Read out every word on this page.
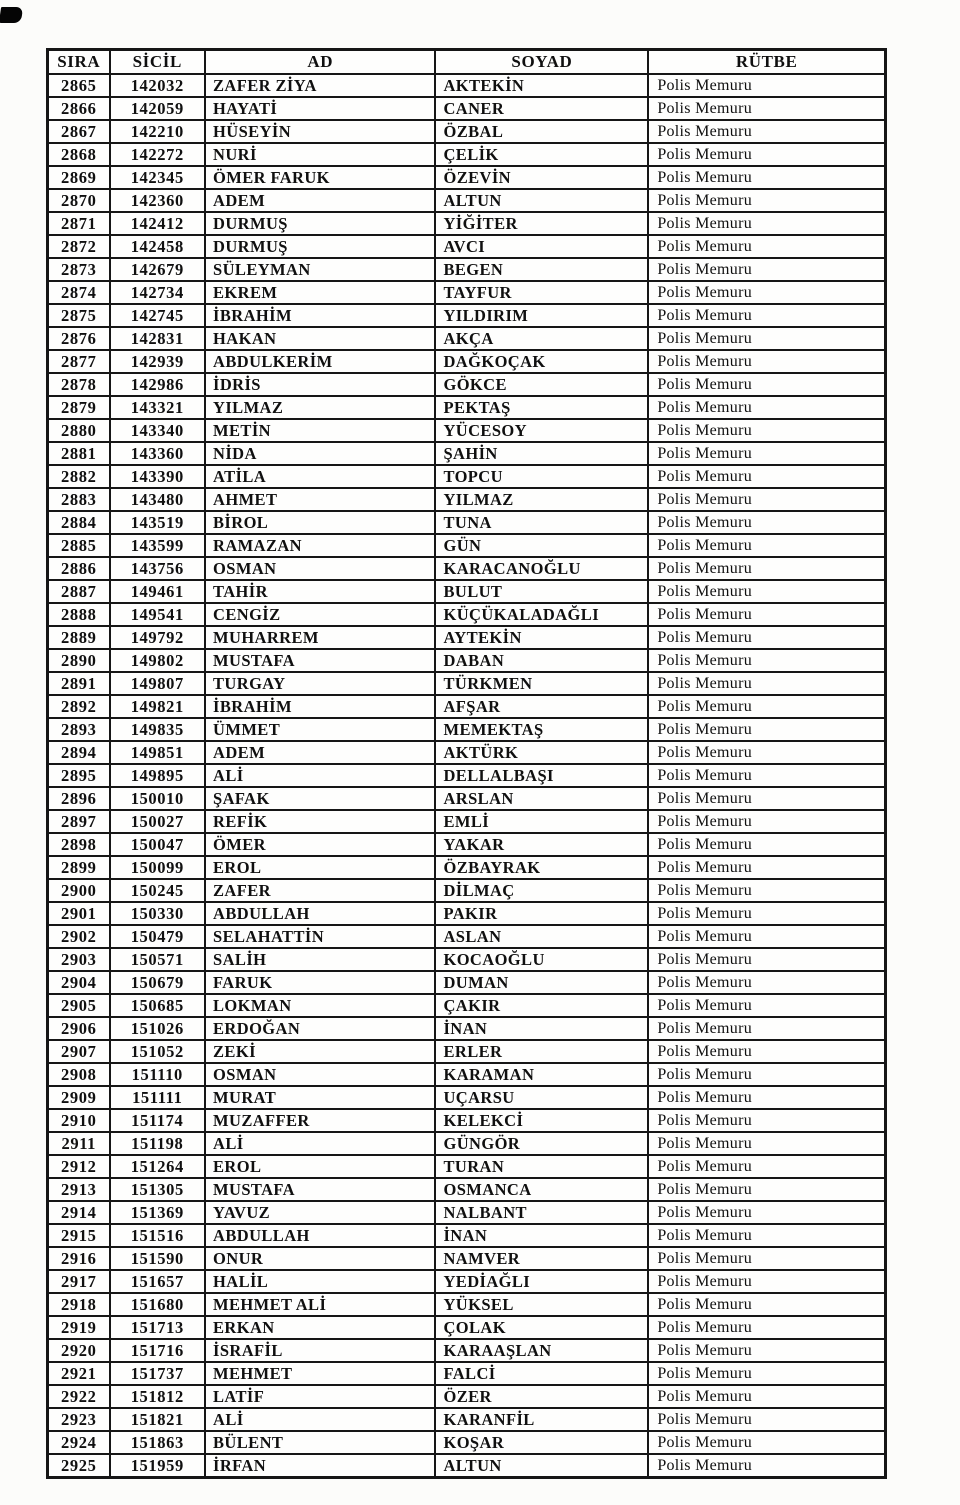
SIRA	SİCİL	AD	SOYAD	RÜTBE
2865	142032	ZAFER ZİYA	AKTEKİN	Polis Memuru
2866	142059	HAYATİ	CANER	Polis Memuru
2867	142210	HÜSEYİN	ÖZBAL	Polis Memuru
2868	142272	NURİ	ÇELİK	Polis Memuru
2869	142345	ÖMER FARUK	ÖZEVİN	Polis Memuru
2870	142360	ADEM	ALTUN	Polis Memuru
2871	142412	DURMUŞ	YİĞİTER	Polis Memuru
2872	142458	DURMUŞ	AVCI	Polis Memuru
2873	142679	SÜLEYMAN	BEGEN	Polis Memuru
2874	142734	EKREM	TAYFUR	Polis Memuru
2875	142745	İBRAHİM	YILDIRIM	Polis Memuru
2876	142831	HAKAN	AKÇA	Polis Memuru
2877	142939	ABDULKERİM	DAĞKOÇAK	Polis Memuru
2878	142986	İDRİS	GÖKCE	Polis Memuru
2879	143321	YILMAZ	PEKTAŞ	Polis Memuru
2880	143340	METİN	YÜCESOY	Polis Memuru
2881	143360	NİDA	ŞAHİN	Polis Memuru
2882	143390	ATİLA	TOPCU	Polis Memuru
2883	143480	AHMET	YILMAZ	Polis Memuru
2884	143519	BİROL	TUNA	Polis Memuru
2885	143599	RAMAZAN	GÜN	Polis Memuru
2886	143756	OSMAN	KARACANOĞLU	Polis Memuru
2887	149461	TAHİR	BULUT	Polis Memuru
2888	149541	CENGİZ	KÜÇÜKALADAĞLI	Polis Memuru
2889	149792	MUHARREM	AYTEKİN	Polis Memuru
2890	149802	MUSTAFA	DABAN	Polis Memuru
2891	149807	TURGAY	TÜRKMEN	Polis Memuru
2892	149821	İBRAHİM	AFŞAR	Polis Memuru
2893	149835	ÜMMET	MEMEKTAŞ	Polis Memuru
2894	149851	ADEM	AKTÜRK	Polis Memuru
2895	149895	ALİ	DELLALBAŞI	Polis Memuru
2896	150010	ŞAFAK	ARSLAN	Polis Memuru
2897	150027	REFİK	EMLİ	Polis Memuru
2898	150047	ÖMER	YAKAR	Polis Memuru
2899	150099	EROL	ÖZBAYRAK	Polis Memuru
2900	150245	ZAFER	DİLMAÇ	Polis Memuru
2901	150330	ABDULLAH	PAKIR	Polis Memuru
2902	150479	SELAHATTİN	ASLAN	Polis Memuru
2903	150571	SALİH	KOCAOĞLU	Polis Memuru
2904	150679	FARUK	DUMAN	Polis Memuru
2905	150685	LOKMAN	ÇAKIR	Polis Memuru
2906	151026	ERDOĞAN	İNAN	Polis Memuru
2907	151052	ZEKİ	ERLER	Polis Memuru
2908	151110	OSMAN	KARAMAN	Polis Memuru
2909	151111	MURAT	UÇARSU	Polis Memuru
2910	151174	MUZAFFER	KELEKCİ	Polis Memuru
2911	151198	ALİ	GÜNGÖR	Polis Memuru
2912	151264	EROL	TURAN	Polis Memuru
2913	151305	MUSTAFA	OSMANCA	Polis Memuru
2914	151369	YAVUZ	NALBANT	Polis Memuru
2915	151516	ABDULLAH	İNAN	Polis Memuru
2916	151590	ONUR	NAMVER	Polis Memuru
2917	151657	HALİL	YEDİAĞLI	Polis Memuru
2918	151680	MEHMET ALİ	YÜKSEL	Polis Memuru
2919	151713	ERKAN	ÇOLAK	Polis Memuru
2920	151716	İSRAFİL	KARAAŞLAN	Polis Memuru
2921	151737	MEHMET	FALCİ	Polis Memuru
2922	151812	LATİF	ÖZER	Polis Memuru
2923	151821	ALİ	KARANFİL	Polis Memuru
2924	151863	BÜLENT	KOŞAR	Polis Memuru
2925	151959	İRFAN	ALTUN	Polis Memuru
